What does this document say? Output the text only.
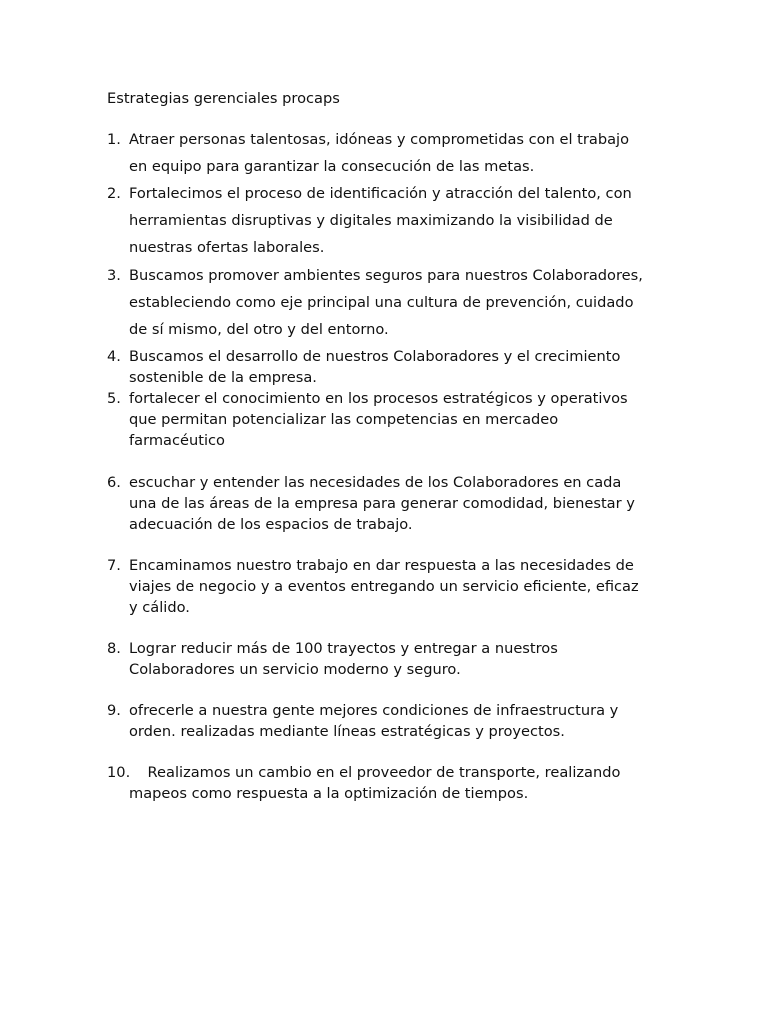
Estrategias gerenciales procaps
1. Atraer personas talentosas, idóneas y comprometidas con el trabajo
en equipo para garantizar la consecución de las metas.
2. Fortalecimos el proceso de identificación y atracción del talento, con
herramientas disruptivas y digitales maximizando la visibilidad de
nuestras ofertas laborales.
3. Buscamos promover ambientes seguros para nuestros Colaboradores,
estableciendo como eje principal una cultura de prevención, cuidado
de sí mismo, del otro y del entorno.
4. Buscamos el desarrollo de nuestros Colaboradores y el crecimiento
sostenible de la empresa.
5. fortalecer el conocimiento en los procesos estratégicos y operativos
que permitan potencializar las competencias en mercadeo
farmacéutico
6. escuchar y entender las necesidades de los Colaboradores en cada
una de las áreas de la empresa para generar comodidad, bienestar y
adecuación de los espacios de trabajo.
7. Encaminamos nuestro trabajo en dar respuesta a las necesidades de
viajes de negocio y a eventos entregando un servicio eficiente, eficaz
y cálido.
8. Lograr reducir más de 100 trayectos y entregar a nuestros
Colaboradores un servicio moderno y seguro.
9. ofrecerle a nuestra gente mejores condiciones de infraestructura y
orden. realizadas mediante líneas estratégicas y proyectos.
10.
Realizamos un cambio en el proveedor de transporte, realizando
mapeos como respuesta a la optimización de tiempos.
